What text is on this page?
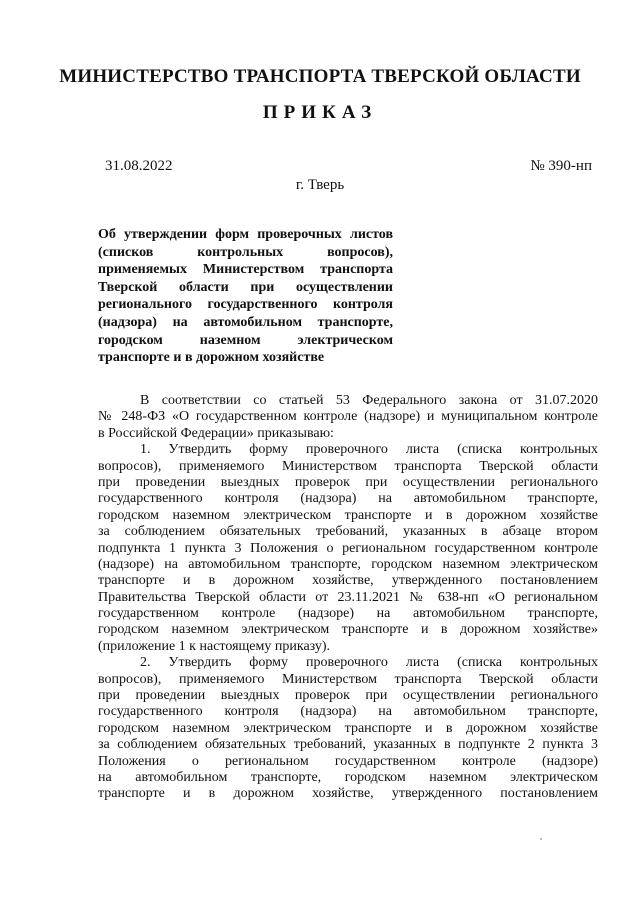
МИНИСТЕРСТВО ТРАНСПОРТА ТВЕРСКОЙ ОБЛАСТИ
ПРИКАЗ
31.08.2022	№ 390-нп
г. Тверь
Об утверждении форм проверочных листов
(списков контрольных вопросов),
применяемых Министерством транспорта
Тверской области при осуществлении
регионального государственного контроля
(надзора) на автомобильном транспорте,
городском наземном электрическом
транспорте и в дорожном хозяйстве
В соответствии со статьей 53 Федерального закона от 31.07.2020
№ 248-ФЗ «О государственном контроле (надзоре) и муниципальном контроле
в Российской Федерации» приказываю:
1. Утвердить форму проверочного листа (списка контрольных
вопросов), применяемого Министерством транспорта Тверской области
при проведении выездных проверок при осуществлении регионального
государственного контроля (надзора) на автомобильном транспорте,
городском наземном электрическом транспорте и в дорожном хозяйстве
за соблюдением обязательных требований, указанных в абзаце втором
подпункта 1 пункта 3 Положения о региональном государственном контроле
(надзоре) на автомобильном транспорте, городском наземном электрическом
транспорте и в дорожном хозяйстве, утвержденного постановлением
Правительства Тверской области от 23.11.2021 № 638-нп «О региональном
государственном контроле (надзоре) на автомобильном транспорте,
городском наземном электрическом транспорте и в дорожном хозяйстве»
(приложение 1 к настоящему приказу).
2. Утвердить форму проверочного листа (списка контрольных
вопросов), применяемого Министерством транспорта Тверской области
при проведении выездных проверок при осуществлении регионального
государственного контроля (надзора) на автомобильном транспорте,
городском наземном электрическом транспорте и в дорожном хозяйстве
за соблюдением обязательных требований, указанных в подпункте 2 пункта 3
Положения о региональном государственном контроле (надзоре)
на автомобильном транспорте, городском наземном электрическом
транспорте и в дорожном хозяйстве, утвержденного постановлением
